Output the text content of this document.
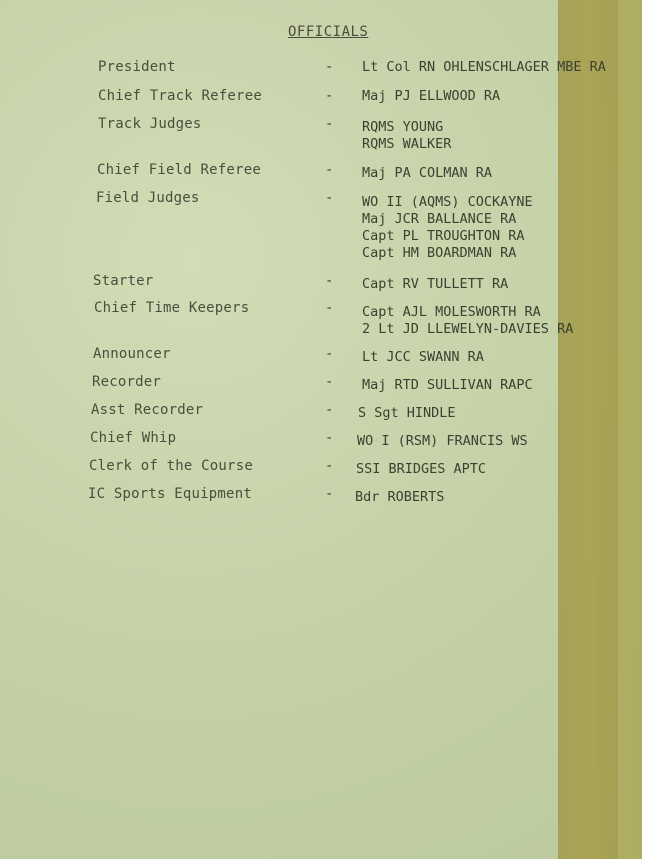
OFFICIALS
President	- Lt Col RN OHLENSCHLAGER MBE RA
Chief Track Referee	- Maj PJ ELLWOOD RA
Track Judges	- RQMS YOUNG
RQMS WALKER
Chief Field Referee	- Maj PA COLMAN RA
Field Judges	- WO II (AQMS) COCKAYNE
Maj JCR BALLANCE RA
Capt PL TROUGHTON RA
Capt HM BOARDMAN RA
Starter	- Capt RV TULLETT RA
Chief Time Keepers	- Capt AJL MOLESWORTH RA
2 Lt JD LLEWELYN-DAVIES RA
Announcer	- Lt JCC SWANN RA
Recorder	- Maj RTD SULLIVAN RAPC
Asst Recorder	- S Sgt HINDLE
Chief Whip	- WO I (RSM) FRANCIS WS
Clerk of the Course	- SSI BRIDGES APTC
IC Sports Equipment	- Bdr ROBERTS
